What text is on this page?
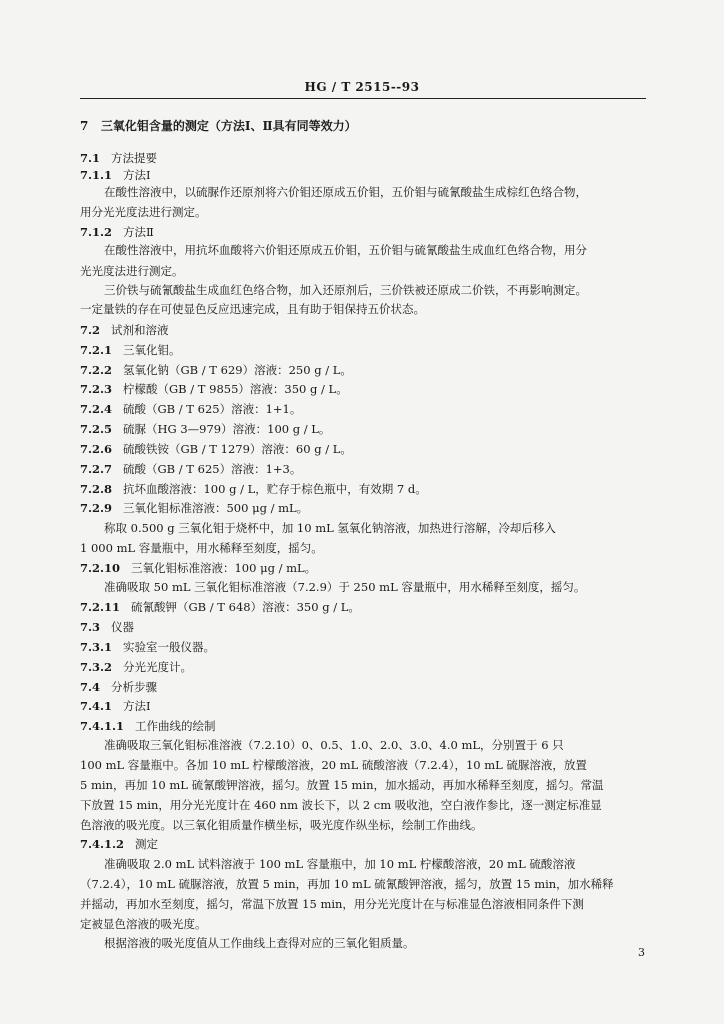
HG / T 2515--93
7 三氧化钼含量的测定（方法Ⅰ、Ⅱ具有同等效力）
7.1 方法提要
7.1.1 方法Ⅰ
在酸性溶液中，以硫脲作还原剂将六价钼还原成五价钼，五价钼与硫氰酸盐生成棕红色络合物，
用分光光度法进行测定。
7.1.2 方法Ⅱ
在酸性溶液中，用抗坏血酸将六价钼还原成五价钼，五价钼与硫氰酸盐生成血红色络合物，用分
光光度法进行测定。
三价铁与硫氰酸盐生成血红色络合物，加入还原剂后，三价铁被还原成二价铁，不再影响测定。
一定量铁的存在可使显色反应迅速完成，且有助于钼保持五价状态。
7.2 试剂和溶液
7.2.1 三氧化钼。
7.2.2 氢氧化钠（GB / T 629）溶液：250 g / L。
7.2.3 柠檬酸（GB / T 9855）溶液：350 g / L。
7.2.4 硫酸（GB / T 625）溶液：1+1。
7.2.5 硫脲（HG 3—979）溶液：100 g / L。
7.2.6 硫酸铁铵（GB / T 1279）溶液：60 g / L。
7.2.7 硫酸（GB / T 625）溶液：1+3。
7.2.8 抗坏血酸溶液：100 g / L，贮存于棕色瓶中，有效期 7 d。
7.2.9 三氧化钼标准溶液：500 μg / mL。
称取 0.500 g 三氧化钼于烧杯中，加 10 mL 氢氧化钠溶液，加热进行溶解，冷却后移入
1 000 mL 容量瓶中，用水稀释至刻度，摇匀。
7.2.10 三氧化钼标准溶液：100 μg / mL。
准确吸取 50 mL 三氧化钼标准溶液（7.2.9）于 250 mL 容量瓶中，用水稀释至刻度，摇匀。
7.2.11 硫氰酸钾（GB / T 648）溶液：350 g / L。
7.3 仪器
7.3.1 实验室一般仪器。
7.3.2 分光光度计。
7.4 分析步骤
7.4.1 方法Ⅰ
7.4.1.1 工作曲线的绘制
准确吸取三氧化钼标准溶液（7.2.10）0、0.5、1.0、2.0、3.0、4.0 mL，分别置于 6 只
100 mL 容量瓶中。各加 10 mL 柠檬酸溶液，20 mL 硫酸溶液（7.2.4），10 mL 硫脲溶液，放置
5 min，再加 10 mL 硫氰酸钾溶液，摇匀。放置 15 min，加水摇动，再加水稀释至刻度，摇匀。常温
下放置 15 min，用分光光度计在 460 nm 波长下，以 2 cm 吸收池，空白液作参比，逐一测定标准显
色溶液的吸光度。以三氧化钼质量作横坐标，吸光度作纵坐标，绘制工作曲线。
7.4.1.2 测定
准确吸取 2.0 mL 试料溶液于 100 mL 容量瓶中，加 10 mL 柠檬酸溶液，20 mL 硫酸溶液
（7.2.4），10 mL 硫脲溶液，放置 5 min，再加 10 mL 硫氰酸钾溶液，摇匀，放置 15 min，加水稀释
并摇动，再加水至刻度，摇匀，常温下放置 15 min，用分光光度计在与标准显色溶液相同条件下测
定被显色溶液的吸光度。
根据溶液的吸光度值从工作曲线上查得对应的三氧化钼质量。
3
